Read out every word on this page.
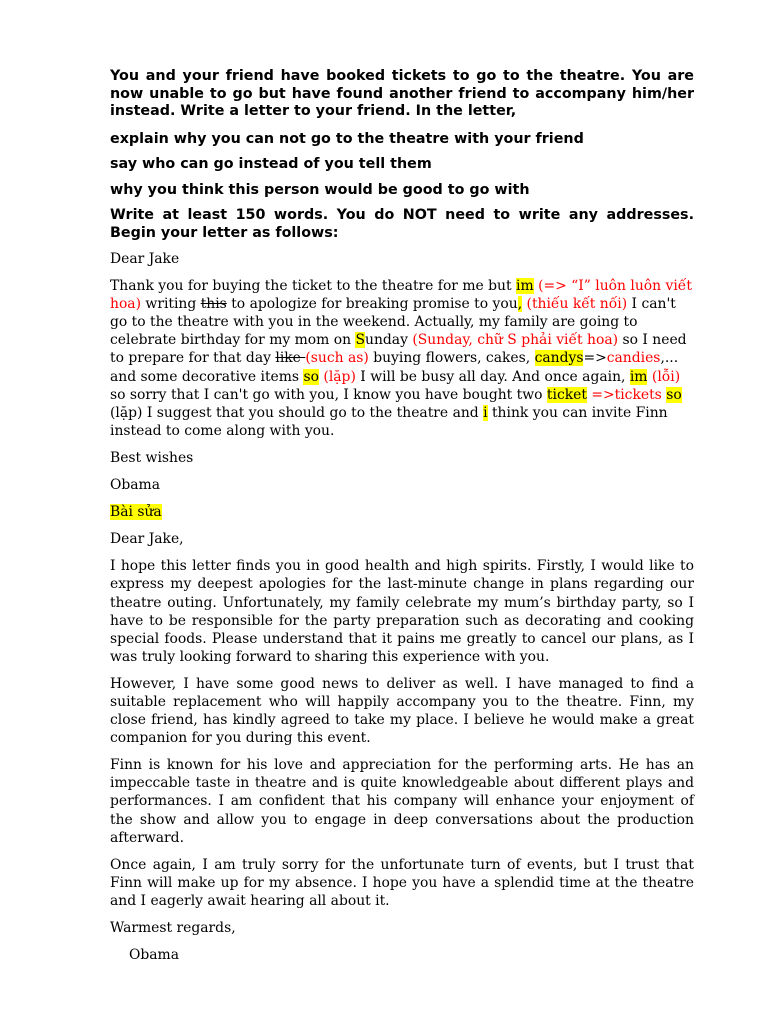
You and your friend have booked tickets to go to the theatre. You are now unable to go but have found another friend to accompany him/her instead. Write a letter to your friend. In the letter,

explain why you can not go to the theatre with your friend

say who can go instead of you tell them

why you think this person would be good to go with

Write at least 150 words. You do NOT need to write any addresses. Begin your letter as follows:

Dear Jake

Thank you for buying the ticket to the theatre for me but im (=> “I” luôn luôn viết hoa) writing this to apologize for breaking promise to you, (thiếu kết nối) I can't go to the theatre with you in the weekend. Actually, my family are going to celebrate birthday for my mom on Sunday (Sunday, chữ S phải viết hoa) so I need to prepare for that day like (such as) buying flowers, cakes, candys=>candies,... and some decorative items so (lặp) I will be busy all day. And once again, im (lỗi) so sorry that I can't go with you, I know you have bought two ticket =>tickets so (lặp) I suggest that you should go to the theatre and i think you can invite Finn instead to come along with you.

Best wishes

Obama

Bài sửa

Dear Jake,

I hope this letter finds you in good health and high spirits. Firstly, I would like to express my deepest apologies for the last-minute change in plans regarding our theatre outing. Unfortunately, my family celebrate my mum’s birthday party, so I have to be responsible for the party preparation such as decorating and cooking special foods. Please understand that it pains me greatly to cancel our plans, as I was truly looking forward to sharing this experience with you.

However, I have some good news to deliver as well. I have managed to find a suitable replacement who will happily accompany you to the theatre. Finn, my close friend, has kindly agreed to take my place. I believe he would make a great companion for you during this event.

Finn is known for his love and appreciation for the performing arts. He has an impeccable taste in theatre and is quite knowledgeable about different plays and performances. I am confident that his company will enhance your enjoyment of the show and allow you to engage in deep conversations about the production afterward.

Once again, I am truly sorry for the unfortunate turn of events, but I trust that Finn will make up for my absence. I hope you have a splendid time at the theatre and I eagerly await hearing all about it.

Warmest regards,

Obama
